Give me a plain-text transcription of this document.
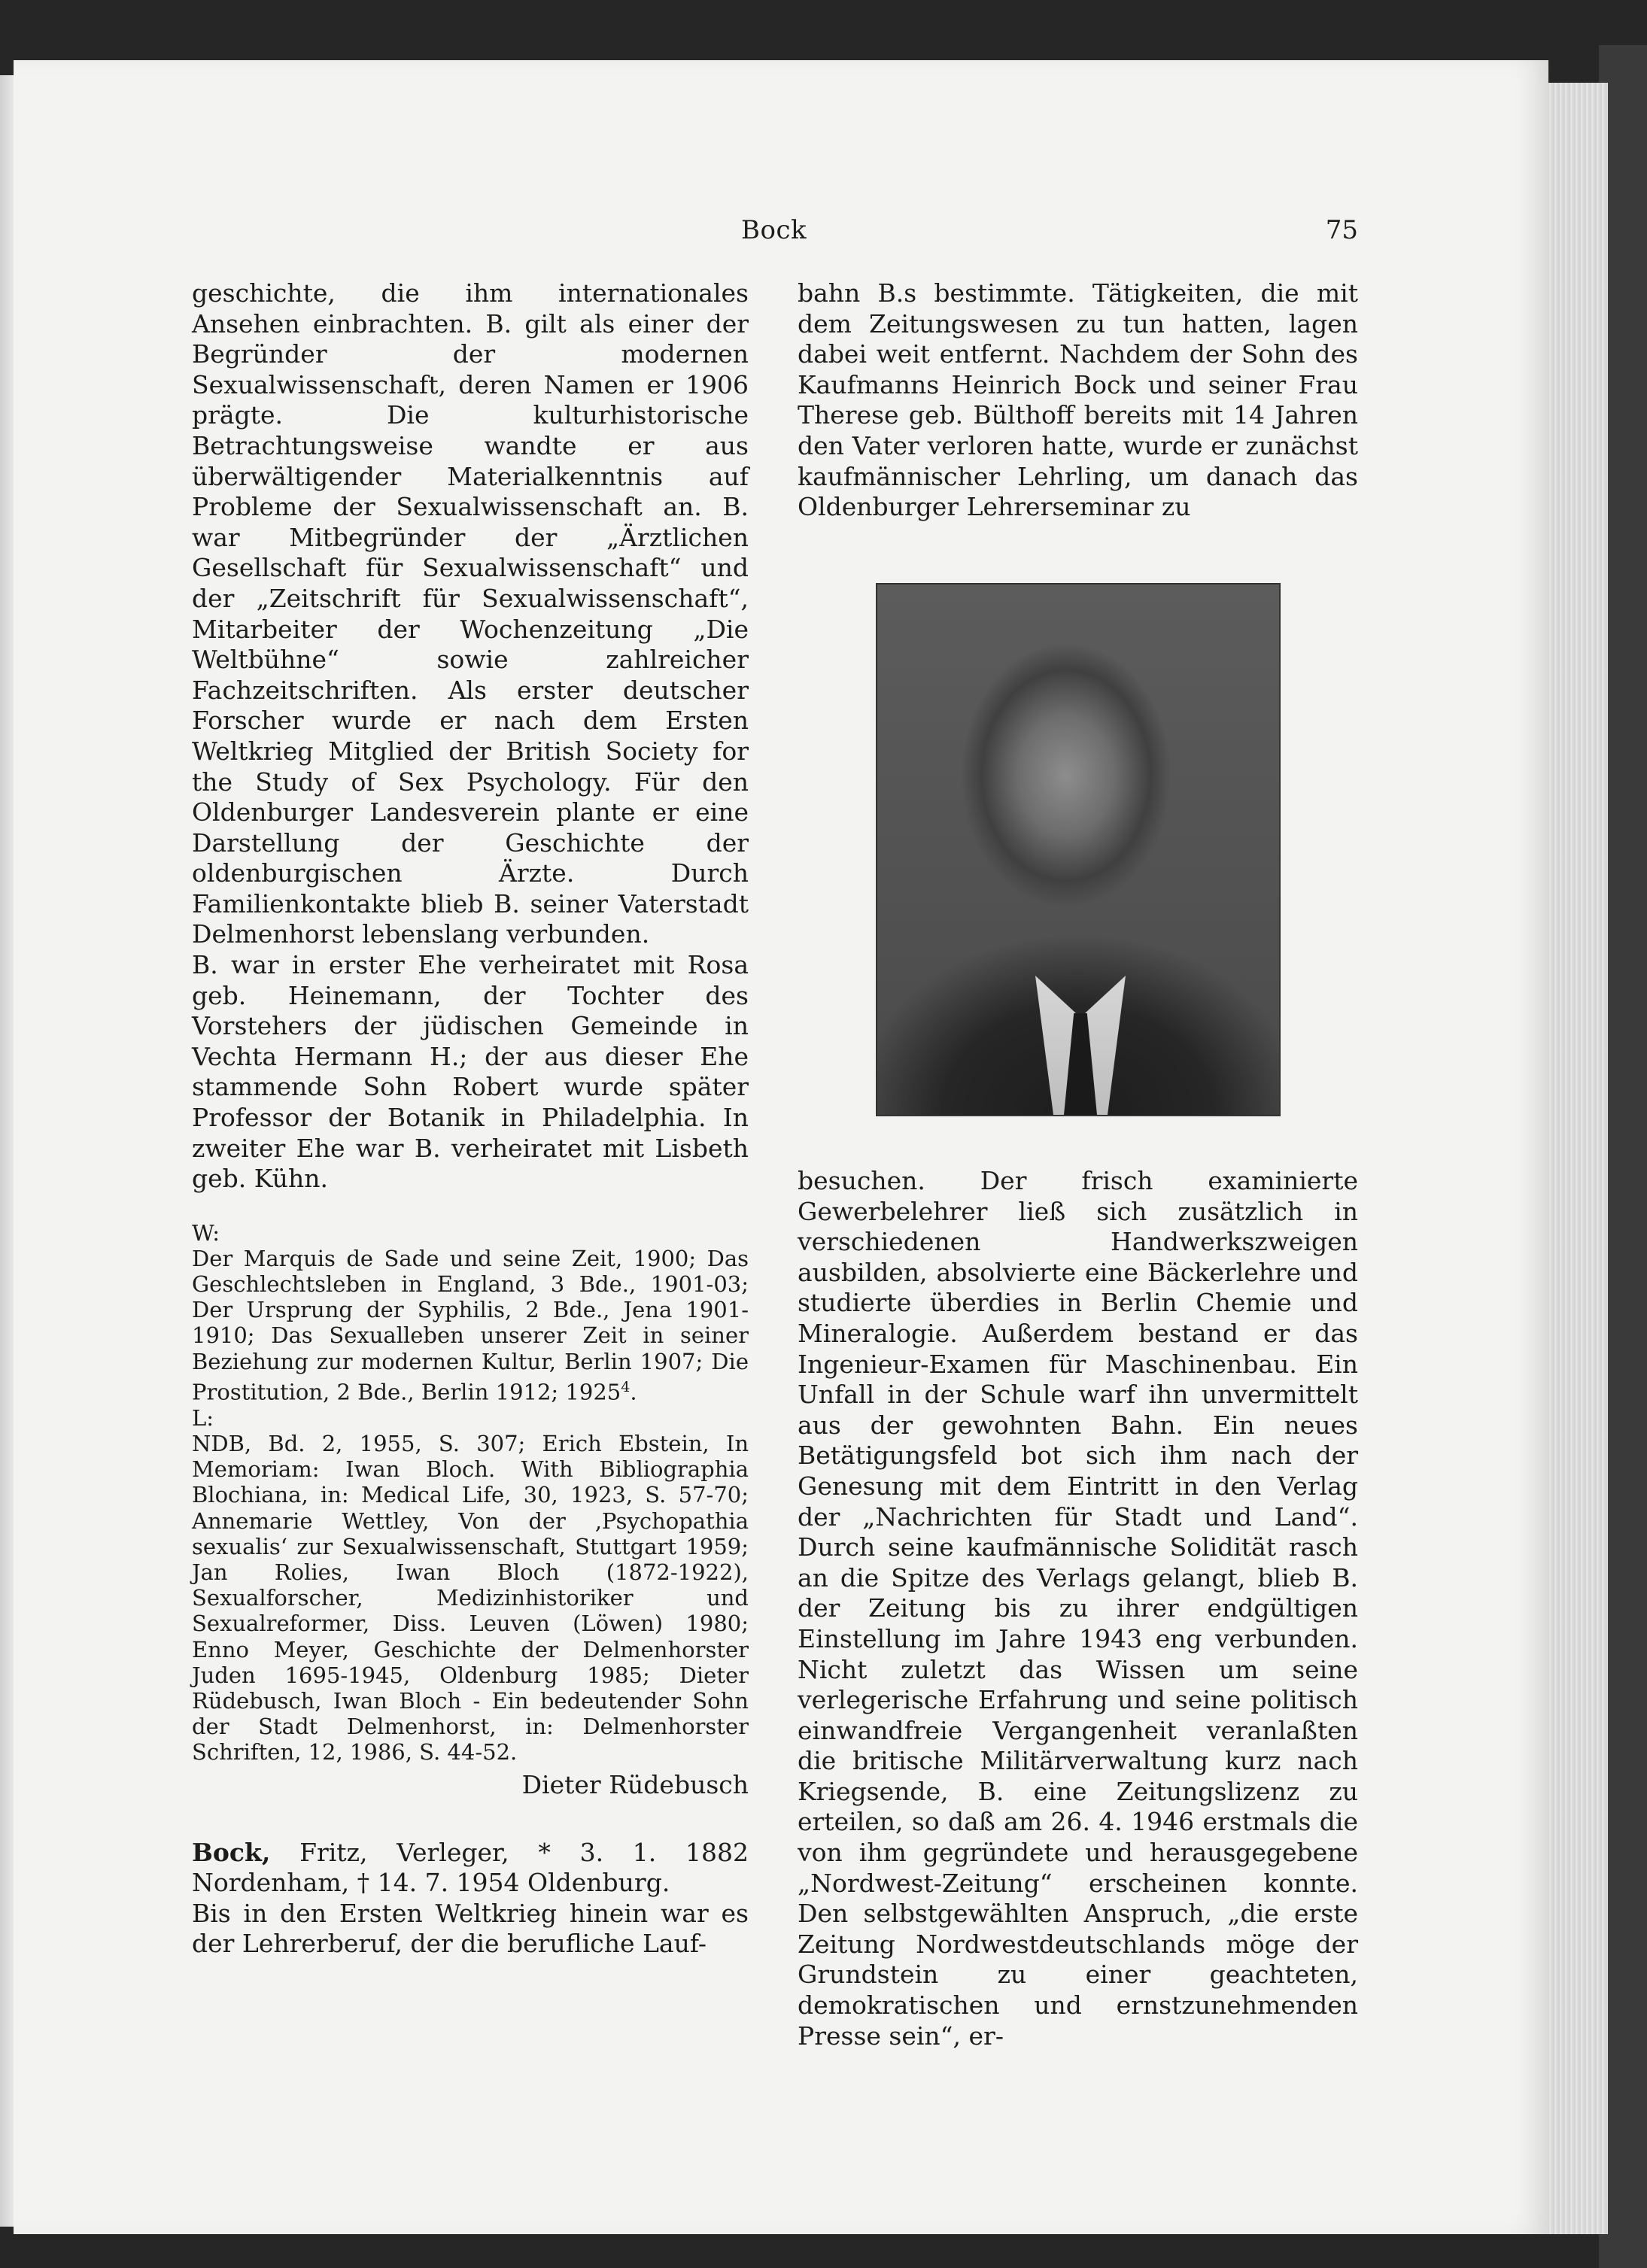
Bock	75

geschichte, die ihm internationales Ansehen einbrachten. B. gilt als einer der Begründer der modernen Sexualwissenschaft, deren Namen er 1906 prägte. Die kulturhistorische Betrachtungsweise wandte er aus überwältigender Materialkenntnis auf Probleme der Sexualwissenschaft an. B. war Mitbegründer der „Ärztlichen Gesellschaft für Sexualwissenschaft“ und der „Zeitschrift für Sexualwissenschaft“, Mitarbeiter der Wochenzeitung „Die Weltbühne“ sowie zahlreicher Fachzeitschriften. Als erster deutscher Forscher wurde er nach dem Ersten Weltkrieg Mitglied der British Society for the Study of Sex Psychology. Für den Oldenburger Landesverein plante er eine Darstellung der Geschichte der oldenburgischen Ärzte. Durch Familienkontakte blieb B. seiner Vaterstadt Delmenhorst lebenslang verbunden.

B. war in erster Ehe verheiratet mit Rosa geb. Heinemann, der Tochter des Vorstehers der jüdischen Gemeinde in Vechta Hermann H.; der aus dieser Ehe stammende Sohn Robert wurde später Professor der Botanik in Philadelphia. In zweiter Ehe war B. verheiratet mit Lisbeth geb. Kühn.

W:

Der Marquis de Sade und seine Zeit, 1900; Das Geschlechtsleben in England, 3 Bde., 1901-03; Der Ursprung der Syphilis, 2 Bde., Jena 1901-1910; Das Sexualleben unserer Zeit in seiner Beziehung zur modernen Kultur, Berlin 1907; Die Prostitution, 2 Bde., Berlin 1912; 1925$^4$.

L:

NDB, Bd. 2, 1955, S. 307; Erich Ebstein, In Memoriam: Iwan Bloch. With Bibliographia Blochiana, in: Medical Life, 30, 1923, S. 57-70; Annemarie Wettley, Von der ‚Psychopathia sexualis‘ zur Sexualwissenschaft, Stuttgart 1959; Jan Rolies, Iwan Bloch (1872-1922), Sexualforscher, Medizinhistoriker und Sexualreformer, Diss. Leuven (Löwen) 1980; Enno Meyer, Geschichte der Delmenhorster Juden 1695-1945, Oldenburg 1985; Dieter Rüdebusch, Iwan Bloch - Ein bedeutender Sohn der Stadt Delmenhorst, in: Delmenhorster Schriften, 12, 1986, S. 44-52.

Dieter Rüdebusch

Bock, Fritz, Verleger, * 3. 1. 1882 Nordenham, † 14. 7. 1954 Oldenburg.

Bis in den Ersten Weltkrieg hinein war es der Lehrerberuf, der die berufliche Lauf-

bahn B.s bestimmte. Tätigkeiten, die mit dem Zeitungswesen zu tun hatten, lagen dabei weit entfernt. Nachdem der Sohn des Kaufmanns Heinrich Bock und seiner Frau Therese geb. Bülthoff bereits mit 14 Jahren den Vater verloren hatte, wurde er zunächst kaufmännischer Lehrling, um danach das Oldenburger Lehrerseminar zu

besuchen. Der frisch examinierte Gewerbelehrer ließ sich zusätzlich in verschiedenen Handwerkszweigen ausbilden, absolvierte eine Bäckerlehre und studierte überdies in Berlin Chemie und Mineralogie. Außerdem bestand er das Ingenieur-Examen für Maschinenbau. Ein Unfall in der Schule warf ihn unvermittelt aus der gewohnten Bahn. Ein neues Betätigungsfeld bot sich ihm nach der Genesung mit dem Eintritt in den Verlag der „Nachrichten für Stadt und Land“. Durch seine kaufmännische Solidität rasch an die Spitze des Verlags gelangt, blieb B. der Zeitung bis zu ihrer endgültigen Einstellung im Jahre 1943 eng verbunden. Nicht zuletzt das Wissen um seine verlegerische Erfahrung und seine politisch einwandfreie Vergangenheit veranlaßten die britische Militärverwaltung kurz nach Kriegsende, B. eine Zeitungslizenz zu erteilen, so daß am 26. 4. 1946 erstmals die von ihm gegründete und herausgegebene „Nordwest-Zeitung“ erscheinen konnte. Den selbstgewählten Anspruch, „die erste Zeitung Nordwestdeutschlands möge der Grundstein zu einer geachteten, demokratischen und ernstzunehmenden Presse sein“, er-
